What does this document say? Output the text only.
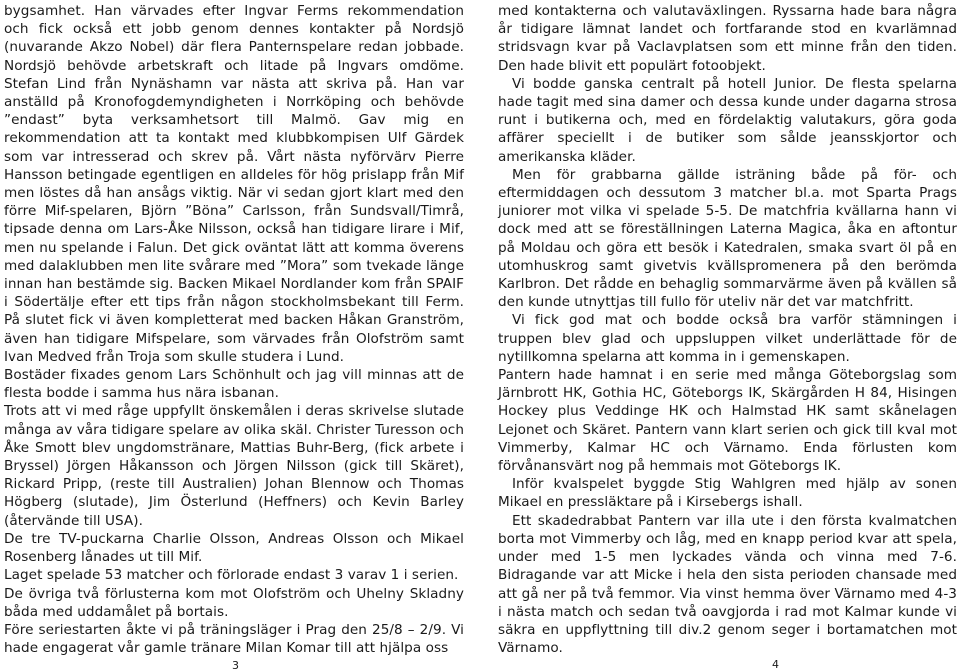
bygsamhet. Han värvades efter Ingvar Ferms rekommendation och fick också ett jobb genom dennes kontakter på Nordsjö (nuvarande Akzo Nobel) där flera Panternspelare redan jobbade. Nordsjö behövde arbetskraft och litade på Ingvars omdöme. Stefan Lind från Nynäshamn var nästa att skriva på. Han var anställd på Kronofogdemyndigheten i Norrköping och behövde ”endast” byta verksamhetsort till Malmö. Gav mig en rekommendation att ta kontakt med klubbkompisen Ulf Gärdek som var intresserad och skrev på. Vårt nästa nyförvärv Pierre Hansson betingade egentligen en alldeles för hög prislapp från Mif men löstes då han ansågs viktig. När vi sedan gjort klart med den förre Mif-spelaren, Björn ”Böna” Carlsson, från Sundsvall/Timrå, tipsade denna om Lars-Åke Nilsson, också han tidigare lirare i Mif, men nu spelande i Falun. Det gick oväntat lätt att komma överens med dalaklubben men lite svårare med ”Mora” som tvekade länge innan han bestämde sig. Backen Mikael Nordlander kom från SPAIF i Södertälje efter ett tips från någon stockholmsbekant till Ferm. På slutet fick vi även kompletterat med backen Håkan Granström, även han tidigare Mifspelare, som värvades från Olofström samt Ivan Medved från Troja som skulle studera i Lund.

Bostäder fixades genom Lars Schönhult och jag vill minnas att de flesta bodde i samma hus nära isbanan.

Trots att vi med råge uppfyllt önskemålen i deras skrivelse slutade många av våra tidigare spelare av olika skäl. Christer Turesson och Åke Smott blev ungdomstränare, Mattias Buhr-Berg, (fick arbete i Bryssel) Jörgen Håkansson och Jörgen Nilsson (gick till Skäret), Rickard Pripp, (reste till Australien) Johan Blennow och Thomas Högberg (slutade), Jim Österlund (Heffners) och Kevin Barley (återvände till USA).

De tre TV-puckarna Charlie Olsson, Andreas Olsson och Mikael Rosenberg lånades ut till Mif.

Laget spelade 53 matcher och förlorade endast 3 varav 1 i serien.

De övriga två förlusterna kom mot Olofström och Uhelny Skladny båda med uddamålet på bortais.

Före seriestarten åkte vi på träningsläger i Prag den 25/8 – 2/9. Vi hade engagerat vår gamle tränare Milan Komar till att hjälpa oss

med kontakterna och valutaväxlingen. Ryssarna hade bara några år tidigare lämnat landet och fortfarande stod en kvarlämnad stridsvagn kvar på Vaclavplatsen som ett minne från den tiden. Den hade blivit ett populärt fotoobjekt.

Vi bodde ganska centralt på hotell Junior. De flesta spelarna hade tagit med sina damer och dessa kunde under dagarna strosa runt i butikerna och, med en fördelaktig valutakurs, göra goda affärer speciellt i de butiker som sålde jeansskjortor och amerikanska kläder.

Men för grabbarna gällde isträning både på för- och eftermiddagen och dessutom 3 matcher bl.a. mot Sparta Prags juniorer mot vilka vi spelade 5-5. De matchfria kvällarna hann vi dock med att se föreställningen Laterna Magica, åka en aftontur på Moldau och göra ett besök i Katedralen, smaka svart öl på en utomhuskrog samt givetvis kvällspromenera på den berömda Karlbron. Det rådde en behaglig sommarvärme även på kvällen så den kunde utnyttjas till fullo för uteliv när det var matchfritt.

Vi fick god mat och bodde också bra varför stämningen i truppen blev glad och uppsluppen vilket underlättade för de nytillkomna spelarna att komma in i gemenskapen.

Pantern hade hamnat i en serie med många Göteborgslag som Järnbrott HK, Gothia HC, Göteborgs IK, Skärgården H 84, Hisingen Hockey plus Veddinge HK och Halmstad HK samt skånelagen Lejonet och Skäret. Pantern vann klart serien och gick till kval mot Vimmerby, Kalmar HC och Värnamo. Enda förlusten kom förvånansvärt nog på hemmais mot Göteborgs IK.

Inför kvalspelet byggde Stig Wahlgren med hjälp av sonen Mikael en pressläktare på i Kirsebergs ishall.

Ett skadedrabbat Pantern var illa ute i den första kvalmatchen borta mot Vimmerby och låg, med en knapp period kvar att spela, under med 1-5 men lyckades vända och vinna med 7-6. Bidragande var att Micke i hela den sista perioden chansade med att gå ner på två femmor. Via vinst hemma över Värnamo med 4-3 i nästa match och sedan två oavgjorda i rad mot Kalmar kunde vi säkra en uppflyttning till div.2 genom seger i bortamatchen mot Värnamo.

3	4
